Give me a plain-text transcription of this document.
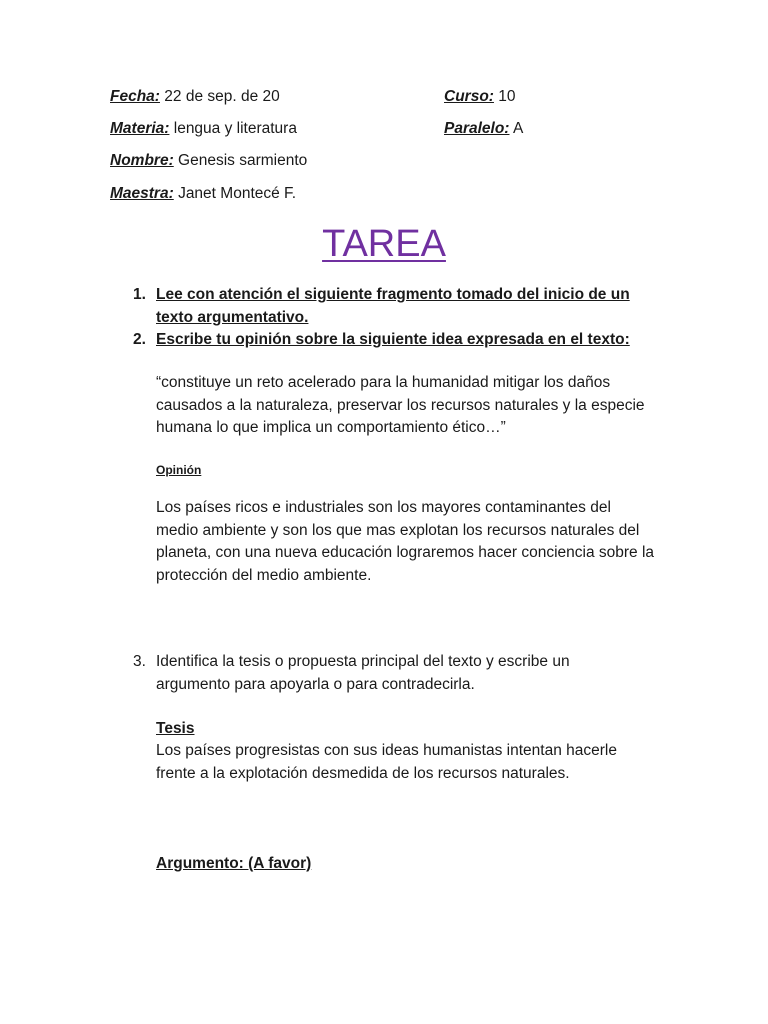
Fecha: 22 de sep. de 20	Curso: 10
Materia: lengua y literatura	Paralelo: A
Nombre: Genesis sarmiento
Maestra: Janet Montecé F.
TAREA
1. Lee con atención el siguiente fragmento tomado del inicio de un texto argumentativo.
2. Escribe tu opinión sobre la siguiente idea expresada en el texto:
“constituye un reto acelerado para la humanidad mitigar los daños causados a la naturaleza, preservar los recursos naturales y la especie humana lo que implica un comportamiento ético…”
Opinión
Los países ricos e industriales son los mayores contaminantes del medio ambiente y son los que mas explotan los recursos naturales del planeta, con una nueva educación lograremos hacer conciencia sobre la protección del medio ambiente.
3. Identifica la tesis o propuesta principal del texto y escribe un argumento para apoyarla o para contradecirla.
Tesis
Los países progresistas con sus ideas humanistas intentan hacerle frente a la explotación desmedida de los recursos naturales.
Argumento: (A favor)
